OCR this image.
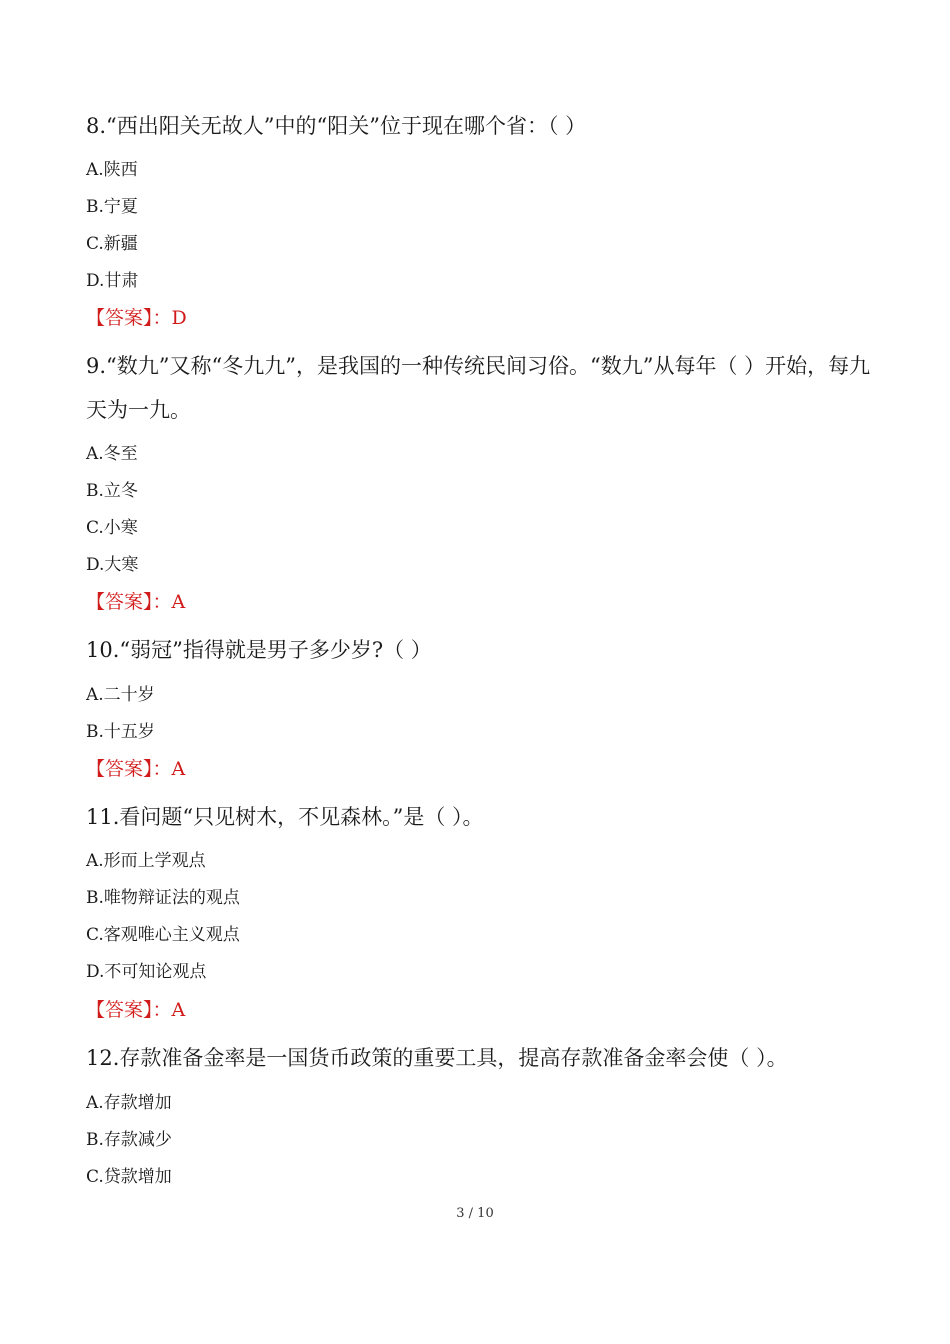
8.“西出阳关无故人”中的“阳关”位于现在哪个省：（ ）
A.陕西
B.宁夏
C.新疆
D.甘肃
【答案】：D
9.“数九”又称“冬九九”，是我国的一种传统民间习俗。“数九”从每年（ ）开始，每九天为一九。
A.冬至
B.立冬
C.小寒
D.大寒
【答案】：A
10.“弱冠”指得就是男子多少岁?（ ）
A.二十岁
B.十五岁
【答案】：A
11.看问题“只见树木，不见森林。”是（ ）。
A.形而上学观点
B.唯物辩证法的观点
C.客观唯心主义观点
D.不可知论观点
【答案】：A
12.存款准备金率是一国货币政策的重要工具，提高存款准备金率会使（ ）。
A.存款增加
B.存款减少
C.贷款增加
3 / 10
